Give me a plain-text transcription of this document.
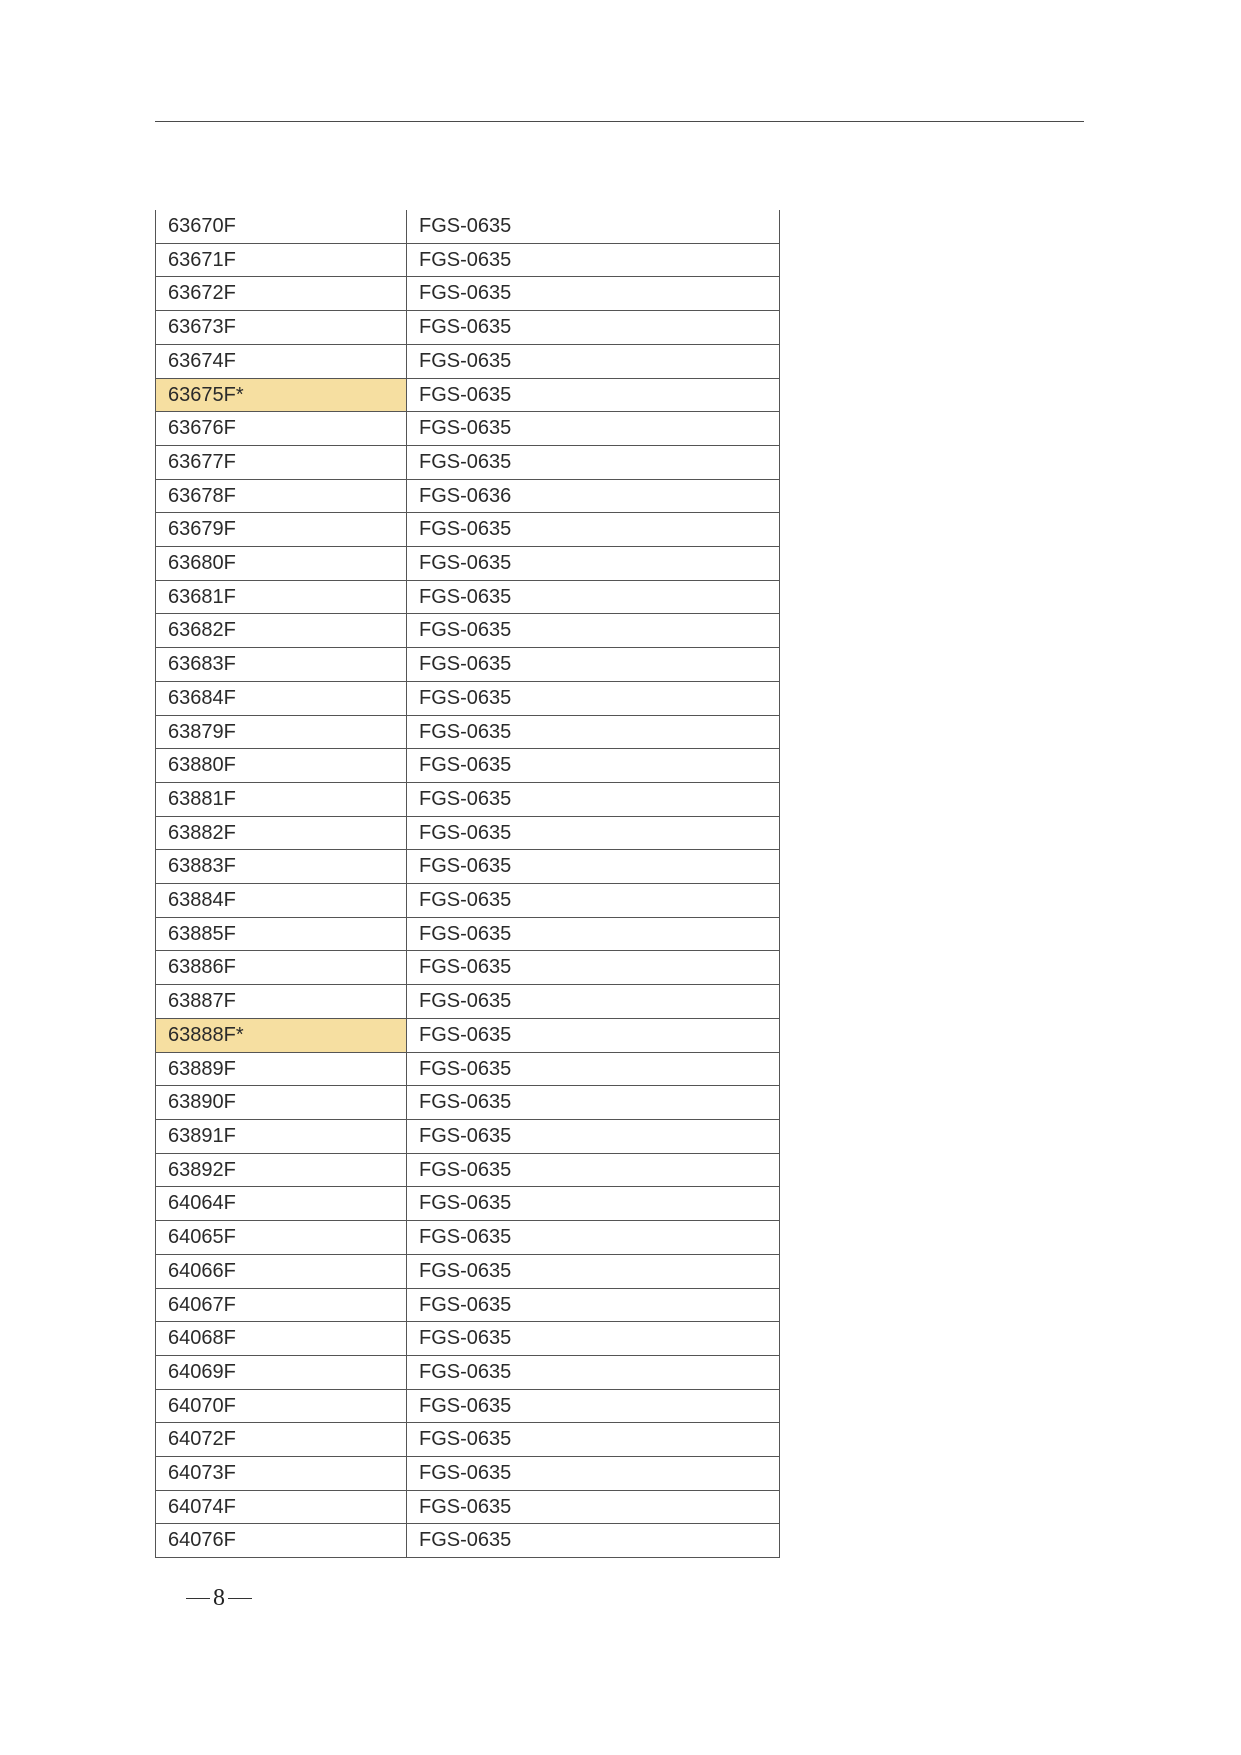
63670F	FGS-0635
63671F	FGS-0635
63672F	FGS-0635
63673F	FGS-0635
63674F	FGS-0635
63675F*	FGS-0635
63676F	FGS-0635
63677F	FGS-0635
63678F	FGS-0636
63679F	FGS-0635
63680F	FGS-0635
63681F	FGS-0635
63682F	FGS-0635
63683F	FGS-0635
63684F	FGS-0635
63879F	FGS-0635
63880F	FGS-0635
63881F	FGS-0635
63882F	FGS-0635
63883F	FGS-0635
63884F	FGS-0635
63885F	FGS-0635
63886F	FGS-0635
63887F	FGS-0635
63888F*	FGS-0635
63889F	FGS-0635
63890F	FGS-0635
63891F	FGS-0635
63892F	FGS-0635
64064F	FGS-0635
64065F	FGS-0635
64066F	FGS-0635
64067F	FGS-0635
64068F	FGS-0635
64069F	FGS-0635
64070F	FGS-0635
64072F	FGS-0635
64073F	FGS-0635
64074F	FGS-0635
64076F	FGS-0635
8
